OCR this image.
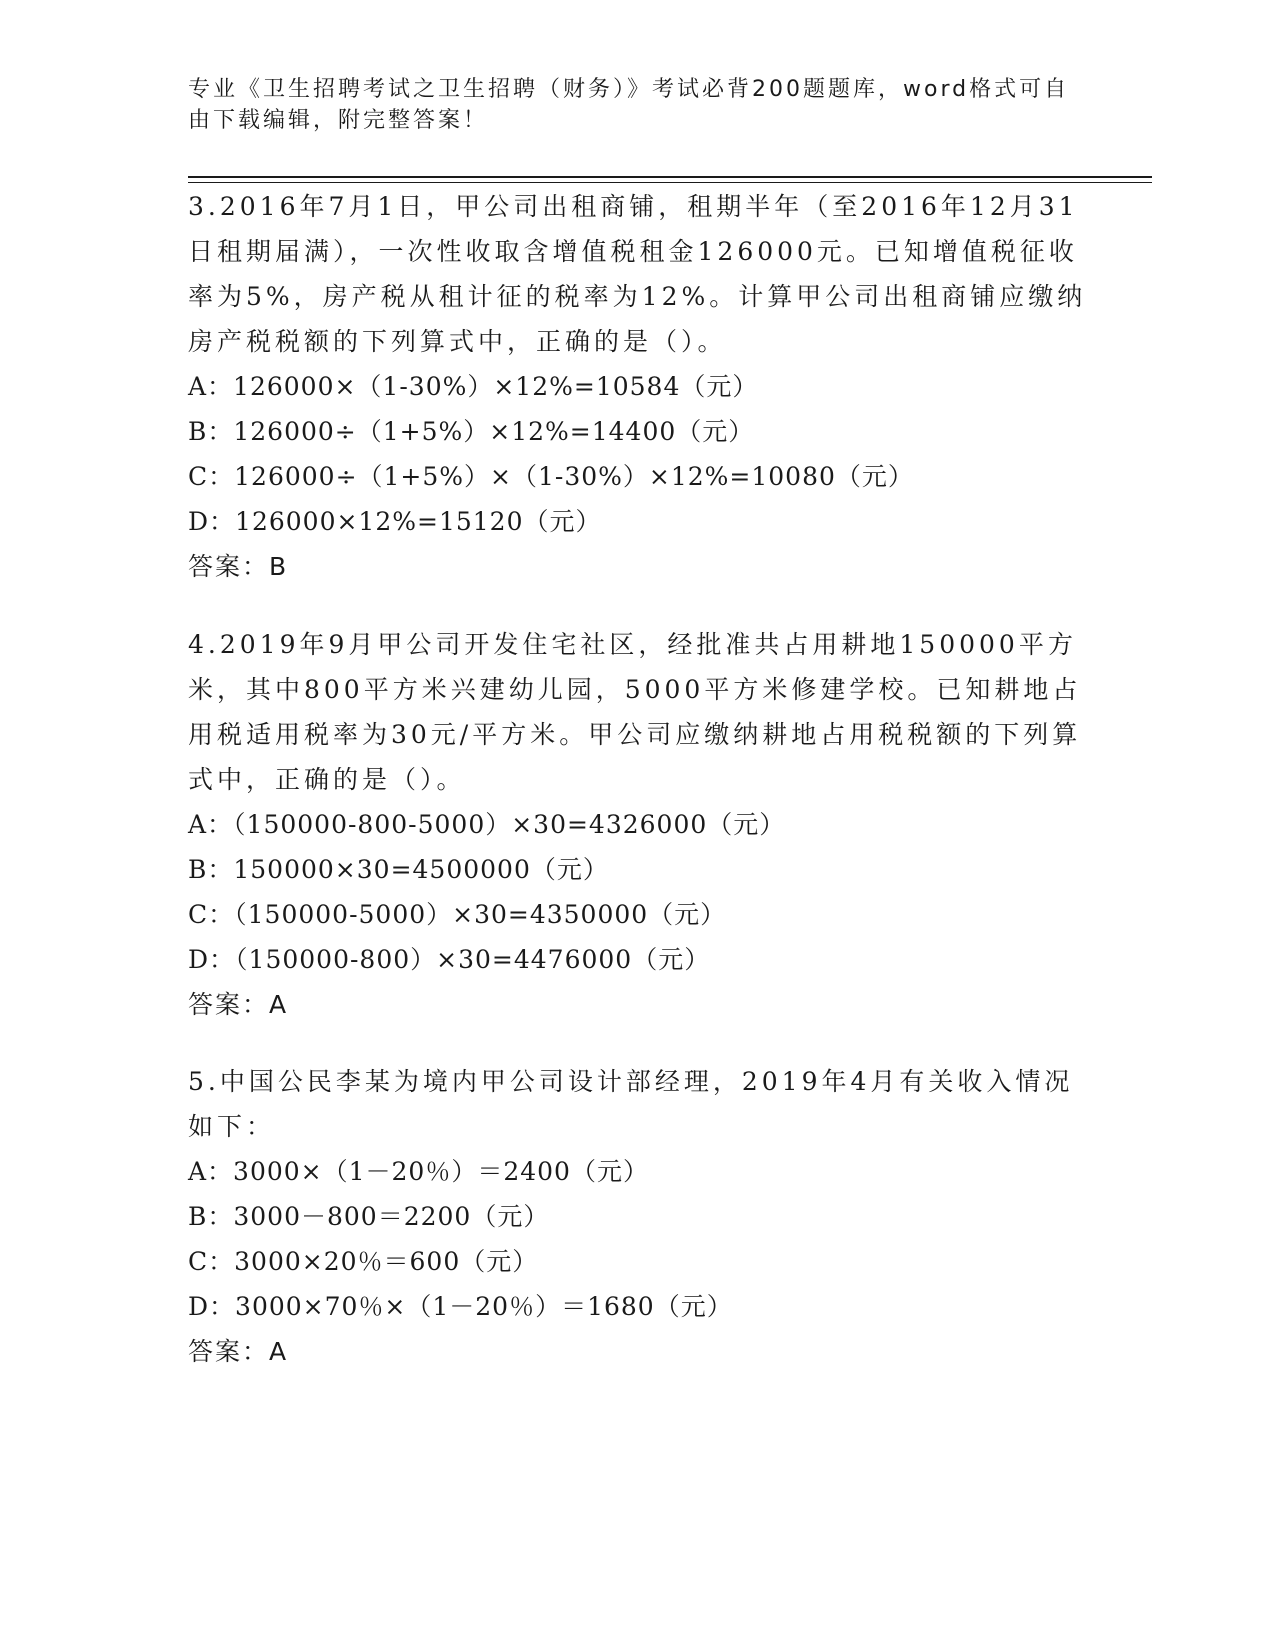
专业《卫生招聘考试之卫生招聘（财务）》考试必背200题题库，word格式可自由下载编辑，附完整答案！

3.2016年7月1日，甲公司出租商铺，租期半年（至2016年12月31日租期届满），一次性收取含增值税租金126000元。已知增值税征收率为5%，房产税从租计征的税率为12%。计算甲公司出租商铺应缴纳房产税税额的下列算式中，正确的是（）。

A：126000×（1-30%）×12%=10584（元）

B：126000÷（1+5%）×12%=14400（元）

C：126000÷（1+5%）×（1-30%）×12%=10080（元）

D：126000×12%=15120（元）

答案：B

4.2019年9月甲公司开发住宅社区，经批准共占用耕地150000平方米，其中800平方米兴建幼儿园，5000平方米修建学校。已知耕地占用税适用税率为30元/平方米。甲公司应缴纳耕地占用税税额的下列算式中，正确的是（）。

A：（150000-800-5000）×30=4326000（元）

B：150000×30=4500000（元）

C：（150000-5000）×30=4350000（元）

D：（150000-800）×30=4476000（元）

答案：A

5.中国公民李某为境内甲公司设计部经理，2019年4月有关收入情况如下：

A：3000×（1－20％）＝2400（元）

B：3000－800＝2200（元）

C：3000×20％＝600（元）

D：3000×70％×（1－20％）＝1680（元）

答案：A
